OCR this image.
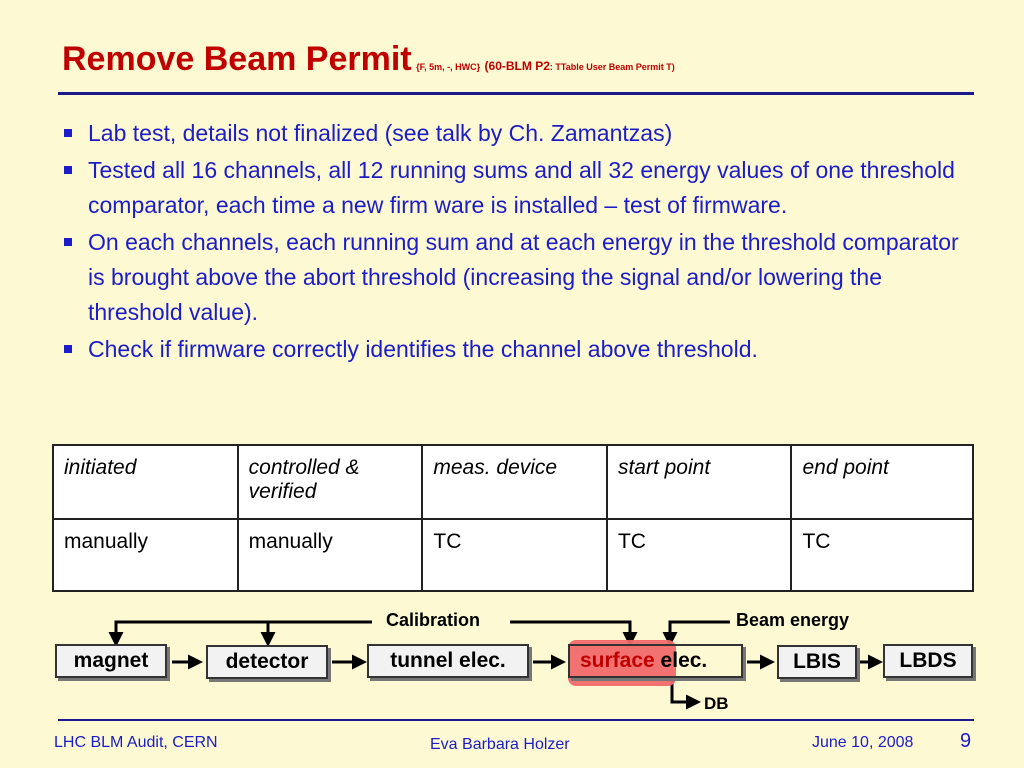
Remove Beam Permit {F, 5m, -, HWC} (60-BLM P2: TTable User Beam Permit T)
Lab test, details not finalized (see talk by Ch. Zamantzas)
Tested all 16 channels, all 12 running sums and all 32 energy values of one threshold comparator, each time a new firm ware is installed – test of firmware.
On each channels, each running sum and at each energy in the threshold comparator is brought above the abort threshold (increasing the signal and/or lowering the threshold value).
Check if firmware correctly identifies the channel above threshold.
initiated	controlled & verified	meas. device	start point	end point
manually	manually	TC	TC	TC
Calibration	Beam energy
DB
magnet	detector	tunnel elec.	surface elec.	LBIS	LBDS
LHC BLM Audit, CERN	Eva Barbara Holzer	June 10, 2008 9
